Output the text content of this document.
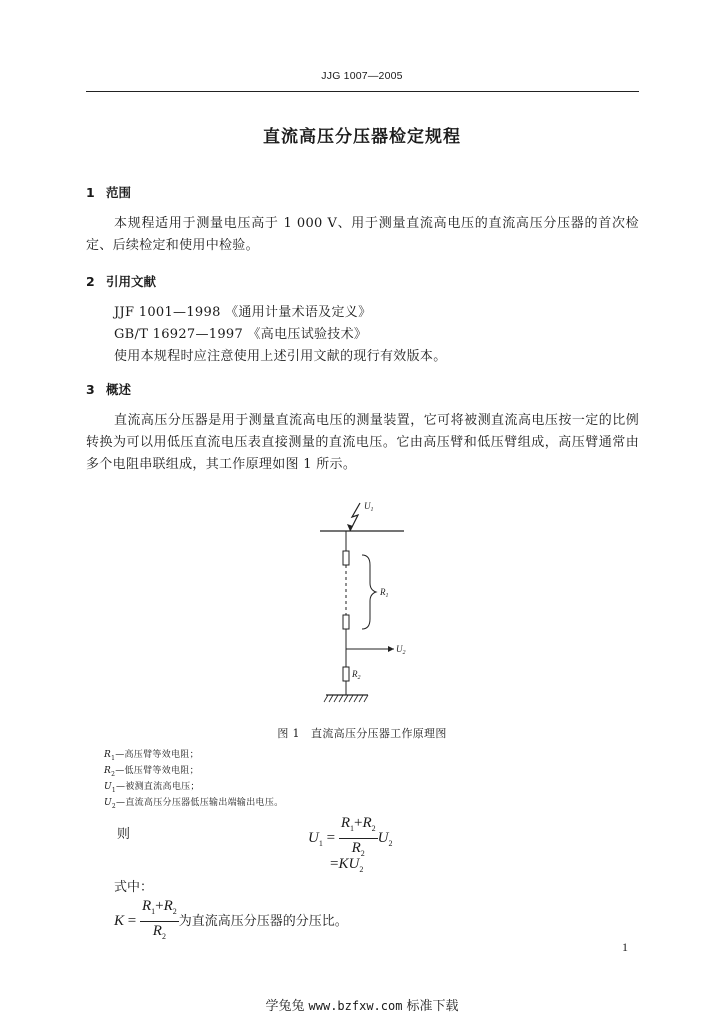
JJG 1007—2005
直流高压分压器检定规程
1 范围
本规程适用于测量电压高于 1 000 V、用于测量直流高电压的直流高压分压器的首次检定、后续检定和使用中检验。
2 引用文献
JJF 1001—1998 《通用计量术语及定义》
GB/T 16927—1997 《高电压试验技术》
使用本规程时应注意使用上述引用文献的现行有效版本。
3 概述
直流高压分压器是用于测量直流高电压的测量装置，它可将被测直流高电压按一定的比例转换为可以用低压直流电压表直接测量的直流电压。它由高压臂和低压臂组成，高压臂通常由多个电阻串联组成，其工作原理如图 1 所示。
$U_1$
$R_1$
$U_2$
$R_2$
图 1　直流高压分压器工作原理图
$R_1—$高压臂等效电阻；
$R_2—$低压臂等效电阻；
$U_1—$被测直流高电压；
$U_2—$直流高压分压器低压输出端输出电压。
则	$U_1 = \frac{R_1+R_2}{R_2} U_2$
$=KU_2$
式中：
$K = \frac{R_1+R_2}{R_2}$ 为直流高压分压器的分压比。
1
学兔兔 www.bzfxw.com 标准下载
